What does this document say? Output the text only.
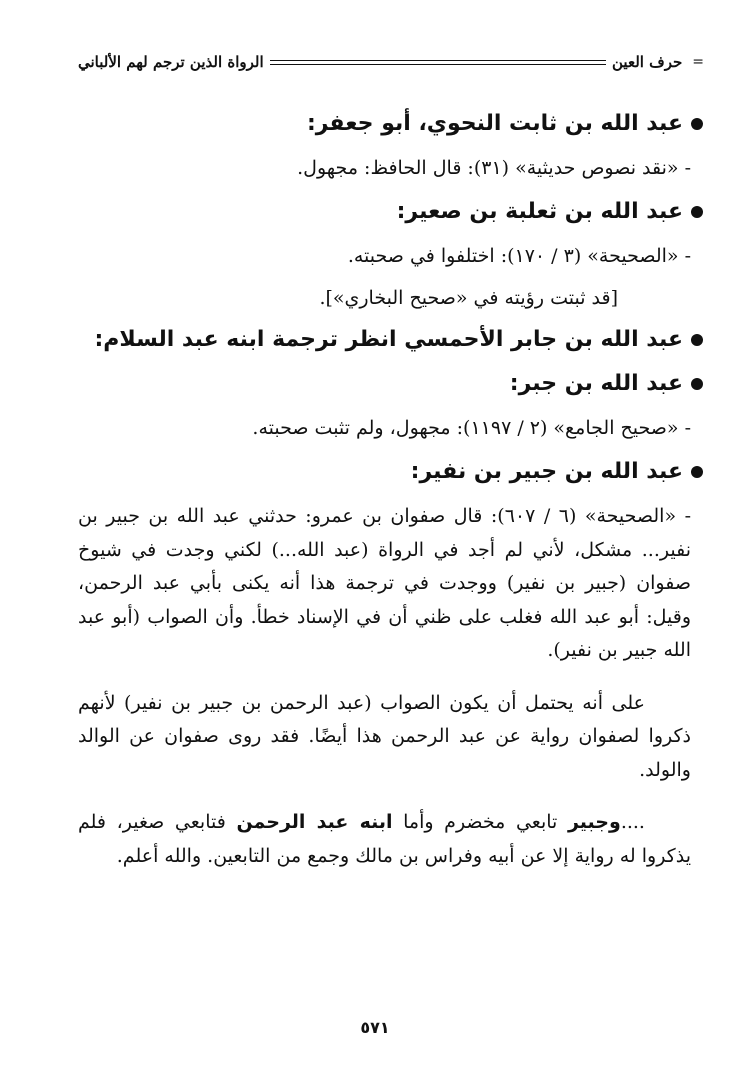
=
حرف العين
الرواة الذين ترجم لهم الألباني
عبد الله بن ثابت النحوي، أبو جعفر:
- «نقد نصوص حديثية» (٣١): قال الحافظ: مجهول.
عبد الله بن ثعلبة بن صعير:
- «الصحيحة» (٣ / ١٧٠): اختلفوا في صحبته.
[قد ثبتت رؤيته في «صحيح البخاري»].
عبد الله بن جابر الأحمسي انظر ترجمة ابنه عبد السلام:
عبد الله بن جبر:
- «صحيح الجامع» (٢ / ١١٩٧): مجهول، ولم تثبت صحبته.
عبد الله بن جبير بن نفير:

- «الصحيحة» (٦ / ٦٠٧): قال صفوان بن عمرو: حدثني عبد الله بن جبير بن نفير... مشكل، لأني لم أجد في الرواة (عبد الله...) لكني وجدت في شيوخ صفوان (جبير بن نفير) ووجدت في ترجمة هذا أنه يكنى بأبي عبد الرحمن، وقيل: أبو عبد الله فغلب على ظني أن في الإسناد خطأ. وأن الصواب (أبو عبد الله جبير بن نفير).

على أنه يحتمل أن يكون الصواب (عبد الرحمن بن جبير بن نفير) لأنهم ذكروا لصفوان رواية عن عبد الرحمن هذا أيضًا. فقد روى صفوان عن الوالد والولد.

....وجبير تابعي مخضرم وأما ابنه عبد الرحمن فتابعي صغير، فلم يذكروا له رواية إلا عن أبيه وفراس بن مالك وجمع من التابعين. والله أعلم.

٥٧١
